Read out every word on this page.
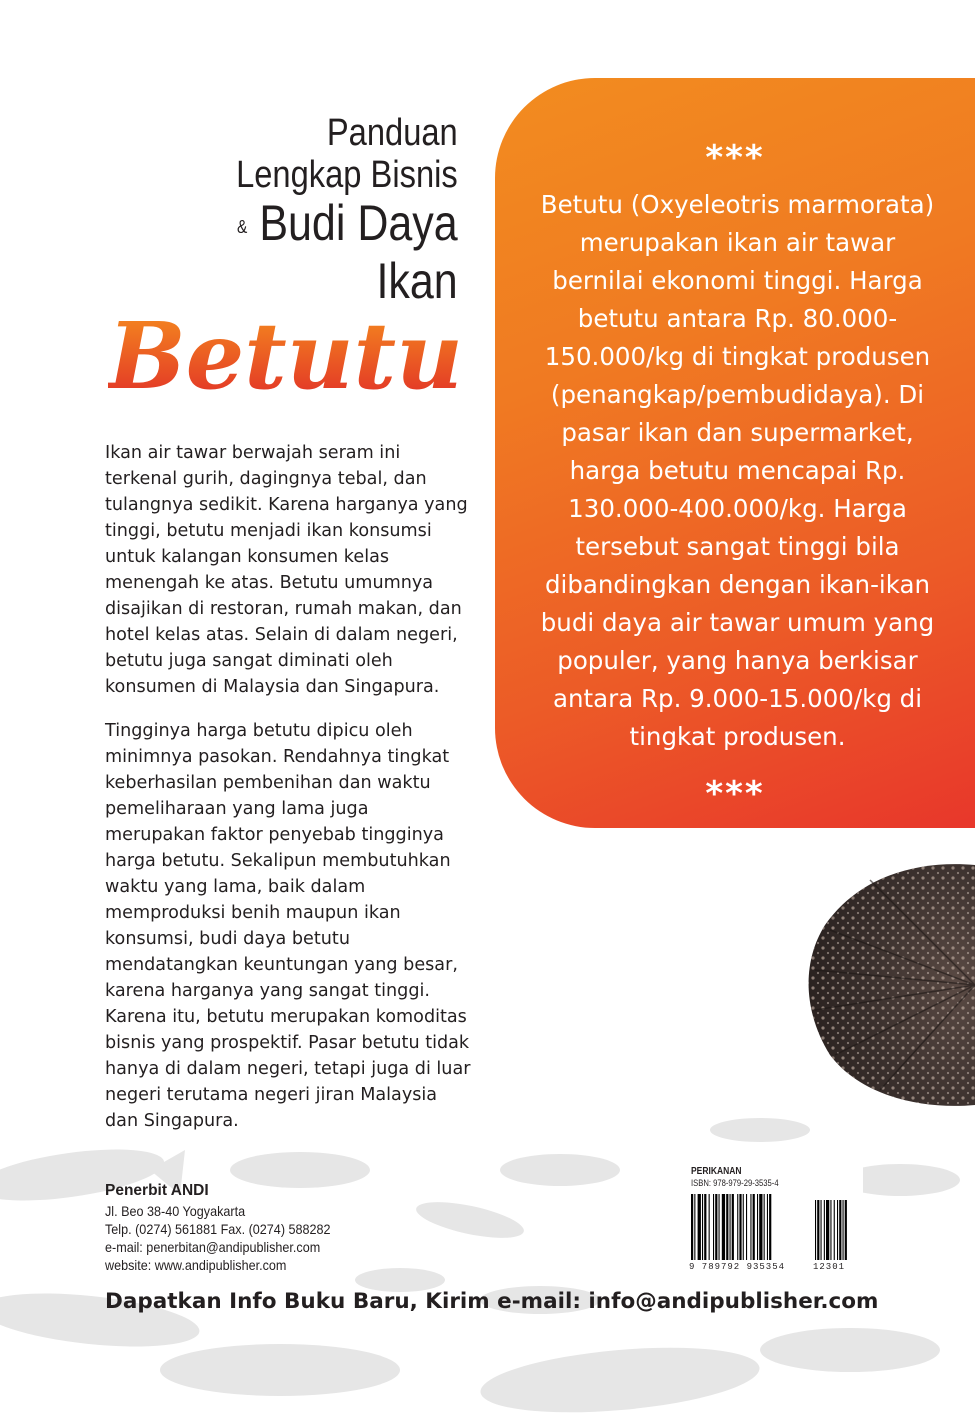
Panduan
Lengkap Bisnis
& Budi Daya
Ikan
Betutu
Ikan air tawar berwajah seram ini terkenal gurih, dagingnya tebal, dan tulangnya sedikit. Karena harganya yang tinggi, betutu menjadi ikan konsumsi untuk kalangan konsumen kelas menengah ke atas. Betutu umumnya disajikan di restoran, rumah makan, dan hotel kelas atas. Selain di dalam negeri, betutu juga sangat diminati oleh konsumen di Malaysia dan Singapura.
Tingginya harga betutu dipicu oleh minimnya pasokan. Rendahnya tingkat keberhasilan pembenihan dan waktu pemeliharaan yang lama juga merupakan faktor penyebab tingginya harga betutu. Sekalipun membutuhkan waktu yang lama, baik dalam memproduksi benih maupun ikan konsumsi, budi daya betutu mendatangkan keuntungan yang besar, karena harganya yang sangat tinggi. Karena itu, betutu merupakan komoditas bisnis yang prospektif. Pasar betutu tidak hanya di dalam negeri, tetapi juga di luar negeri terutama negeri jiran Malaysia dan Singapura.
***
Betutu (Oxyeleotris marmorata) merupakan ikan air tawar bernilai ekonomi tinggi. Harga betutu antara Rp. 80.000-150.000/kg di tingkat produsen (penangkap/pembudidaya). Di pasar ikan dan supermarket, harga betutu mencapai Rp. 130.000-400.000/kg. Harga tersebut sangat tinggi bila dibandingkan dengan ikan-ikan budi daya air tawar umum yang populer, yang hanya berkisar antara Rp. 9.000-15.000/kg di tingkat produsen.
***
Penerbit ANDI
Jl. Beo 38-40 Yogyakarta
Telp. (0274) 561881 Fax. (0274) 588282
e-mail: penerbitan@andipublisher.com
website: www.andipublisher.com
PERIKANAN
ISBN: 978-979-29-3535-4
9 789792 935354	12301
Dapatkan Info Buku Baru, Kirim e-mail: info@andipublisher.com
